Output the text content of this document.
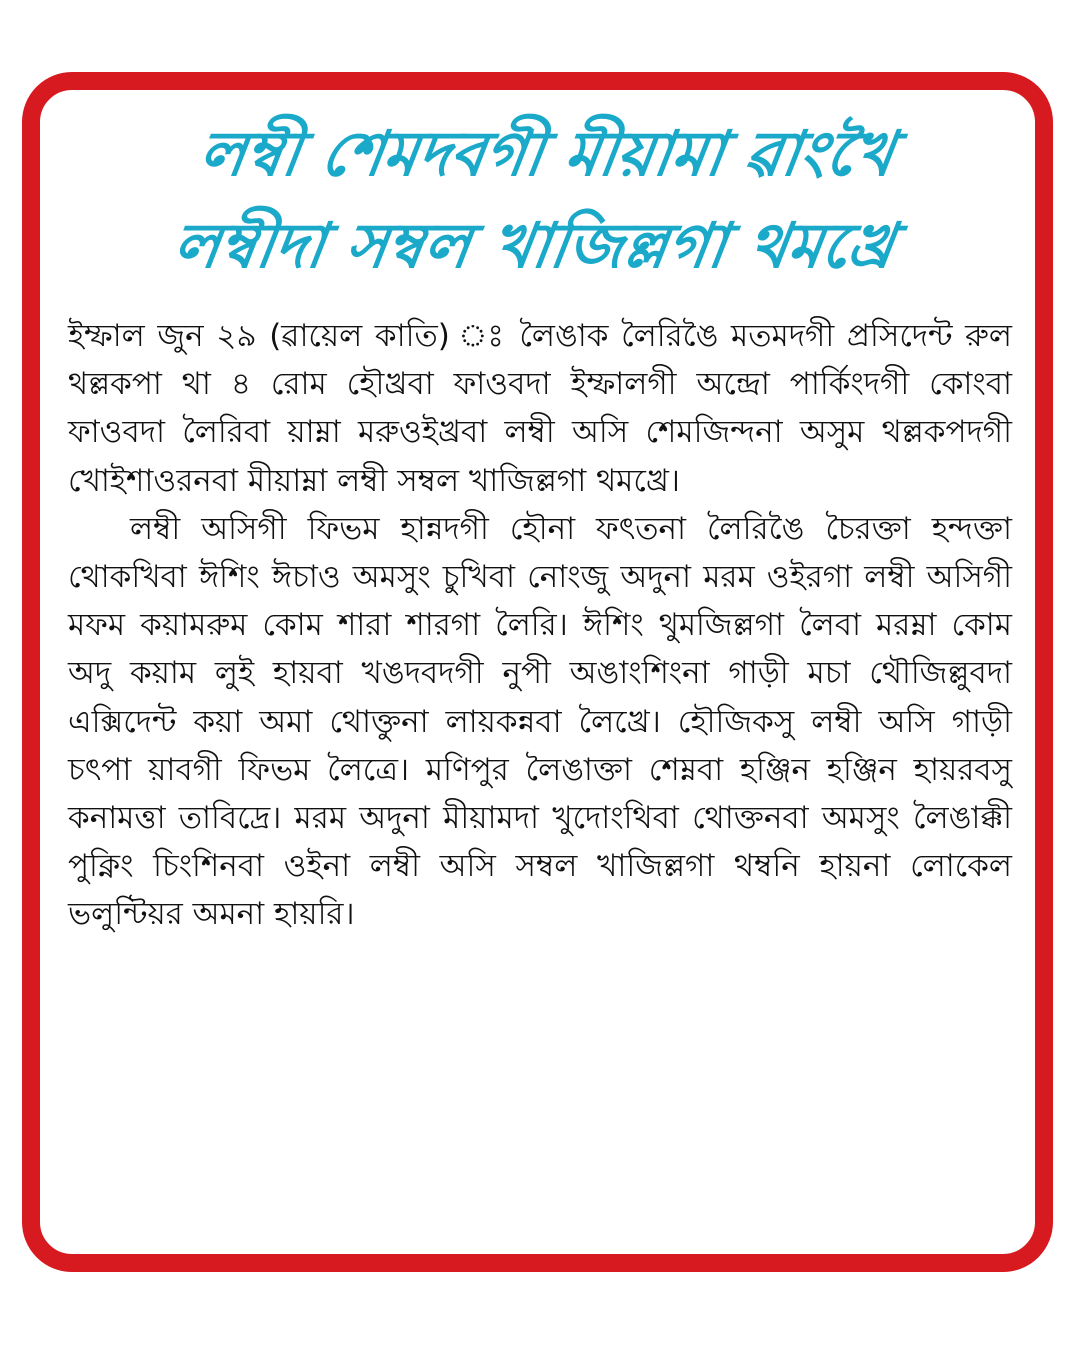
লম্বী শেমদবগী মীয়ামা ৱাংখৈ
লম্বীদা সম্বল খাজিল্লগা থমখ্রে

ইম্ফাল জুন ২৯ (ৱায়েল কাতি) ঃ লৈঙাক লৈরিঙৈ মতমদগী প্রসিদেন্ট রুল থল্লকপা থা ৪ রোম হৌখ্রবা ফাওবদা ইম্ফালগী অন্দ্রো পার্কিংদগী কোংবা ফাওবদা লৈরিবা য়াম্না মরুওইখ্রবা লম্বী অসি শেমজিন্দনা অসুম থল্লকপদগী খোইশাওরনবা মীয়াম্না লম্বী সম্বল খাজিল্লগা থমখ্রে।

লম্বী অসিগী ফিভম হান্নদগী হৌনা ফৎতনা লৈরিঙৈ চৈরক্তা হন্দক্তা থোকখিবা ঈশিং ঈচাও অমসুং চুখিবা নোংজু অদুনা মরম ওইরগা লম্বী অসিগী মফম কয়ামরুম কোম শারা শারগা লৈরি। ঈশিং থুমজিল্লগা লৈবা মরম্না কোম অদু কয়াম লুই হায়বা খঙদবদগী নুপী অঙাংশিংনা গাড়ী মচা থৌজিল্লুবদা এক্সিদেন্ট কয়া অমা থোক্তুনা লায়কন্নবা লৈখ্রে। হৌজিকসু লম্বী অসি গাড়ী চৎপা য়াবগী ফিভম লৈত্রে। মণিপুর লৈঙাক্তা শেম্নবা হঞ্জিন হঞ্জিন হায়রবসু কনামত্তা তাবিদ্রে। মরম অদুনা মীয়ামদা খুদোংথিবা থোক্তনবা অমসুং লৈঙাক্কী পুক্নিং চিংশিনবা ওইনা লম্বী অসি সম্বল খাজিল্লগা থম্বনি হায়না লোকেল ভলুন্টিয়র অমনা হায়রি।
